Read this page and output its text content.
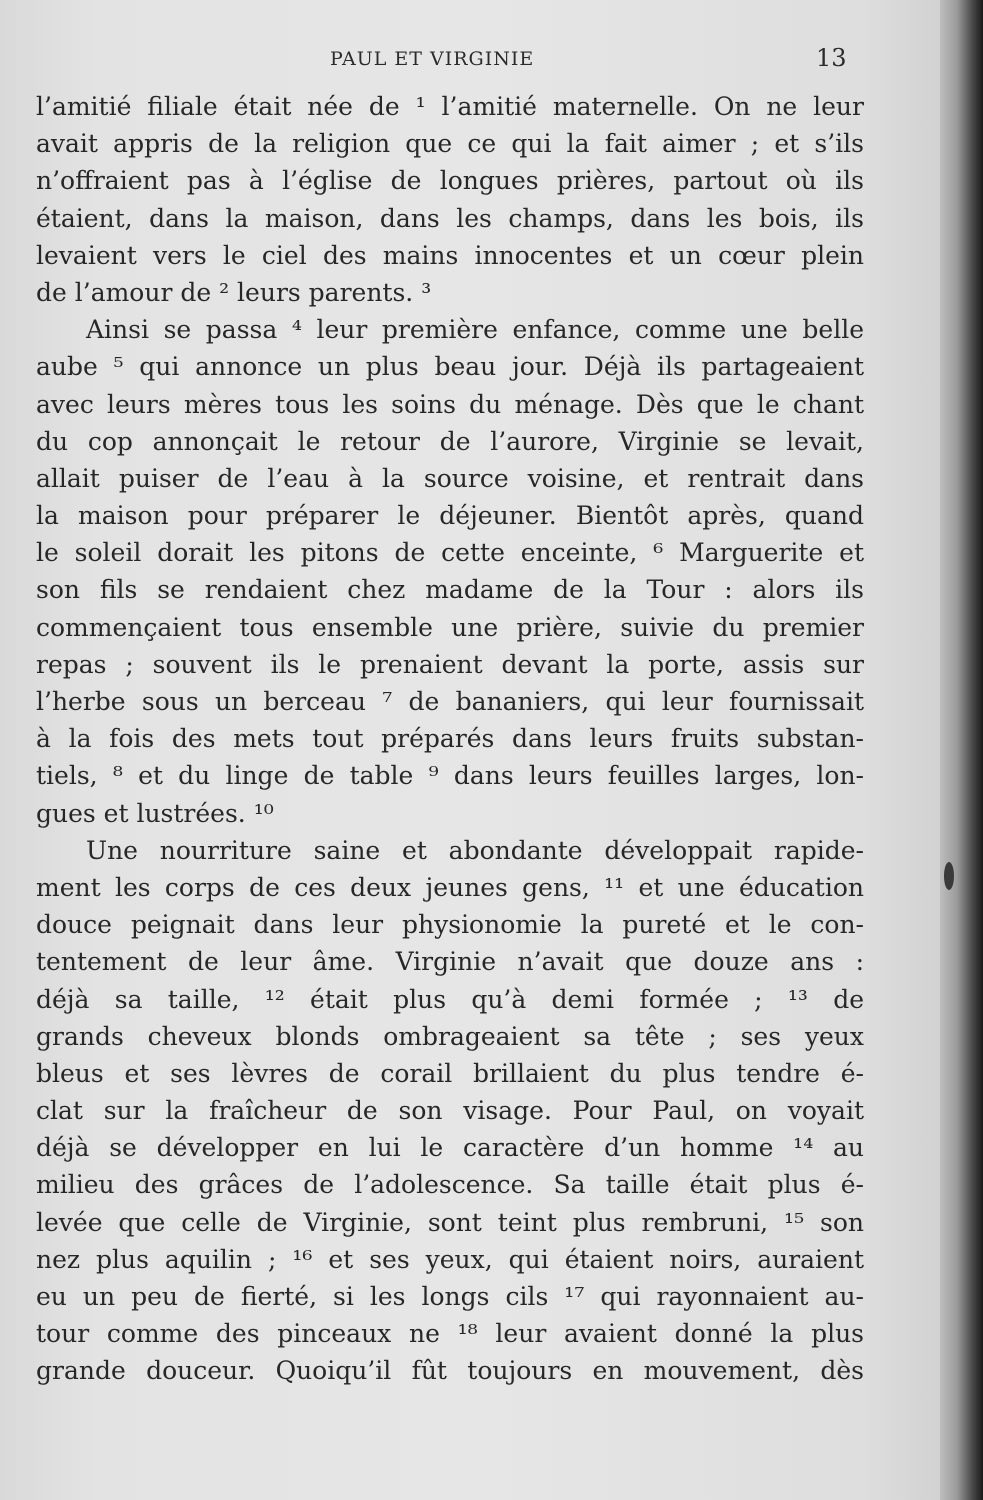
PAUL ET VIRGINIE	13
l’amitié filiale était née de ¹ l’amitié maternelle. On ne leur
avait appris de la religion que ce qui la fait aimer ; et s’ils
n’offraient pas à l’église de longues prières, partout où ils
étaient, dans la maison, dans les champs, dans les bois, ils
levaient vers le ciel des mains innocentes et un cœur plein
de l’amour de ² leurs parents. ³
Ainsi se passa ⁴ leur première enfance, comme une belle
aube ⁵ qui annonce un plus beau jour. Déjà ils partageaient
avec leurs mères tous les soins du ménage. Dès que le chant
du cop annonçait le retour de l’aurore, Virginie se levait,
allait puiser de l’eau à la source voisine, et rentrait dans
la maison pour préparer le déjeuner. Bientôt après, quand
le soleil dorait les pitons de cette enceinte, ⁶ Marguerite et
son fils se rendaient chez madame de la Tour : alors ils
commençaient tous ensemble une prière, suivie du premier
repas ; souvent ils le prenaient devant la porte, assis sur
l’herbe sous un berceau ⁷ de bananiers, qui leur fournissait
à la fois des mets tout préparés dans leurs fruits substan-
tiels, ⁸ et du linge de table ⁹ dans leurs feuilles larges, lon-
gues et lustrées. ¹⁰
Une nourriture saine et abondante développait rapide-
ment les corps de ces deux jeunes gens, ¹¹ et une éducation
douce peignait dans leur physionomie la pureté et le con-
tentement de leur âme. Virginie n’avait que douze ans :
déjà sa taille, ¹² était plus qu’à demi formée ; ¹³ de
grands cheveux blonds ombrageaient sa tête ; ses yeux
bleus et ses lèvres de corail brillaient du plus tendre é-
clat sur la fraîcheur de son visage. Pour Paul, on voyait
déjà se développer en lui le caractère d’un homme ¹⁴ au
milieu des grâces de l’adolescence. Sa taille était plus é-
levée que celle de Virginie, sont teint plus rembruni, ¹⁵ son
nez plus aquilin ; ¹⁶ et ses yeux, qui étaient noirs, auraient
eu un peu de fierté, si les longs cils ¹⁷ qui rayonnaient au-
tour comme des pinceaux ne ¹⁸ leur avaient donné la plus
grande douceur. Quoiqu’il fût toujours en mouvement, dès
